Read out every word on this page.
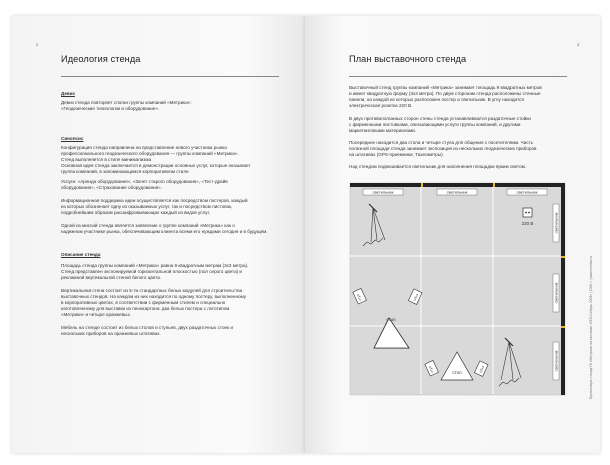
2
Идеология стенда
Девиз
Девиз стенда повторяет слоган группы компаний «Метрика»:
«Геодезические технологии и оборудование».
Синопсис
Конфигурация стенда направлена на представление нового участника рынка
профессионального геодезического оборудования — группы компаний «Метрика».
Стенд выполняется в стиле минимализма
Основная идея стенда заключается в демонстрации основных услуг, которые оказывает
группа компаний, в запоминающемся корпоративном стиле.
Услуги: «Аренда оборудования», «Зачет старого оборудования», «Тест-драйв
оборудования», «Страхование оборудования».
Информационная поддержка идеи осуществляется как посредством постеров, каждый
из которых обозначает одну из оказываемых услуг, так и посредством листовок,
подробнейшим образом расшифровывающих каждый из видов услуг.
Одной из миссий стенда является заявление о группе компаний «Метрика» как о
надежном участнике рынка, обеспечивающим клиента всеми его нуждами сегодня и в будущем.
Описание стенда
Площадь стенда группы компаний «Метрика» равна 9 квадратным метрам (3x3 метра).
Стенд представлен экспонируемой горизонтальной плоскостью (пол серого цвета) и
рекламной вертикальной стеной белого цвета.
Вертикальная стена состоит из 5-ти стандартных белых модулей для строительства
выставочных стендов. На каждом из них находится по одному постеру, выполненному
в корпоративных цветах, в соответствии с фирменным стилем и специально
изготовленному для выставки из пенокартона: два белых постера с логотипом
«Метрики» и четыре оранжевых.
Мебель на стенде состоит из белых столов и стульев, двух раздаточных стоек и
нескольких приборов на оранжевых штативах.
3
План выставочного стенда
Выставочный стенд группы компаний «Метрика» занимает площадь 9 квадратных метров
и имеет квадратную форму (3x3 метра). По двум сторонам стенда расположены стенные
панели, на каждой из которых расположен постер и светильник. В углу находится
электрическая розетка 220 В.
В двух противоположных сторон стены стенда устанавливаются раздаточные стойки
с фирменными листовками, описывающими услуги группы компаний, и другими
маркетинговыми материалами.
Посередине находится два стола и четыре стула для общения с посетителями. Часть
полезной площади стенда занимает экспозиция из нескольких геодезических приборов
на штативах (GPS-приемники, Тахеометры).
Над стендом подвешивается светильник для наполнения площадки ярким светом.
светильник	светильник	светильник
светильник
светильник
светильник
220 В
стол
стул	стул
стол
стул	стул	Презентация стенда ГК «Метрика» на выставке «ГЕО-Сибирь 2009» | 2009 г. | www.metrika.ru
